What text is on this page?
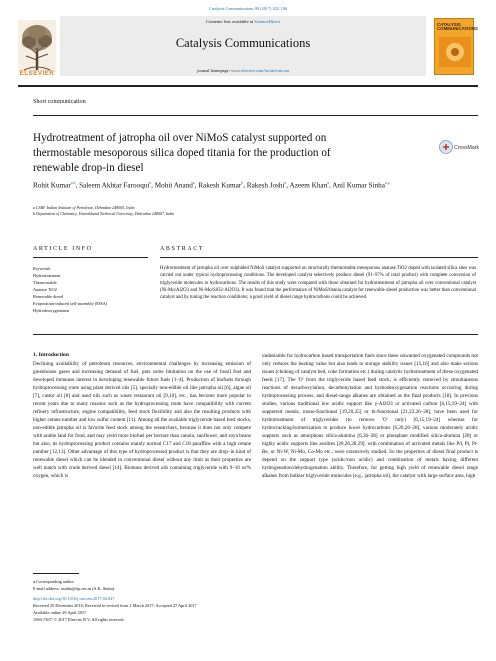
Catalysis Communications 98 (2017) 102–106
Contents lists available at ScienceDirect
Catalysis Communications
journal homepage: www.elsevier.com/locate/catcom
ELSEVIER
CATALYSIS COMMUNICATIONS
Short communication
Hydrotreatment of jatropha oil over NiMoS catalyst supported on thermostable mesoporous silica doped titania for the production of renewable drop-in diesel
CrossMark
Rohit Kumar$^{a,b}$, Saleem Akhtar Farooqui$^a$, Mohit Anand$^a$, Rakesh Kumar$^b$, Rakesh Joshi$^a$, Azeem Khan$^a$, Anil Kumar Sinha$^{a,⁎}$
a CSIR- Indian Institute of Petroleum, Dehradun 248005, India
b Department of Chemistry, Uttarakhand Technical University, Dehradun 248007, India
ARTICLE INFO	ABSTRACT
Keywords:
Hydrotreatment
Thermostable
Anatase TiO2
Renewable diesel
Evaporation-induced self-assembly (EISA)
Hydrodeoxygenation
Hydrotreatment of jatropha oil over sulphided NiMoS catalyst supported on structurally thermostable mesoporous anatase TiO2 doped with isolated silica sites was carried out under typical hydroprocessing conditions. The developed catalyst selectively produce diesel (91–97% of total product) with complete conversion of triglyceride molecules to hydrocarbons. The results of this study were compared with those obtained for hydrotreatment of jatropha oil over conventional catalyst (Ni-Mo/Al2O3 and Ni-Mo/SiO2-Al2O3). It was found that the performance of NiMoS/titania catalyst for renewable diesel production was better than conventional catalyst and by tuning the reaction conditions; a good yield of diesel range hydrocarbons could be achieved.
1. Introduction
Declining availability of petroleum resources, environmental challenges by increasing emission of greenhouse gases and increasing demand of fuel, puts some limitation on the use of fossil fuel and developed immense interest in developing renewable future fuels [1–4]. Production of biofuels through hydroprocessing route using plant derived oils [5], specially non-edible oil like jatropha oil [6], algae oil [7], castor oil [8] and used oils such as waste restaurant oil [9,10], etc., has become more popular in recent years due to many reasons such as the hydroprocessing route have compatibility with current refinery infrastructure, engine compatibility, feed stock flexibility and also the resulting products with higher cetane number and low sulfur content [11]. Among all the available triglyceride based feed stocks, non-edible jatropha oil is favorite feed stock among the researchers, because it does not only compete with arable land for food, and may yield more biofuel per hectare than canola, sunflower, and soya beans but also, its hydroprocessing product contains mainly normal C17 and C18 paraffins with a high cetane number [12,13]. Other advantage of this type of hydroprocessed product is that they are drop–in kind of renewable diesel which can be blended to conventional diesel without any limit as their properties are well match with crude derived diesel [14]. Biomass derived oils containing triglyceride with 9–10 wt% oxygen, which is
undesirable for hydrocarbon based transportation fuels since these unwanted oxygenated compounds not only reduces the heating value but also leads to storage stability issues [15,16] and also make serious issues (choking of catalyst bed, coke formation etc.) during catalytic hydrotreatment of these oxygenated feeds [17]. The 'O' from the triglyceride based feed stock, is efficiently removed by simultaneous reactions of decarboxylation, decarbonylation and hydrodeoxygenation reactions occurring during hydroprocessing process, and diesel-range alkanes are obtained as the final products [18]. In previous studies, various traditional low acidic support like γ-Al2O3 or activated carbon [6,15,19–24] with supported metals, mono-functional [19,20,25] or bi-functional [21,22,26–28], have been used for hydrotreatment of triglycerides (to remove 'O' only) [6,15,19–24] whereas for hydrocracking/isomerization to produce lower hydrocarbons [6,20,26–28], various moderately acidic supports such as amorphous silica-alumina [6,26–28] or phosphate modified silica-alumina [28] or highly acidic supports like zeolites [20,26,28,29], with combination of activated metals like Pd, Pt, Pt-Re, or Ni-W, Ni-Mo, Co-Mo etc., were extensively studied. So the properties of diesel final product is depend on the support type (acidic/non acidic) and combination of metals having different hydrogenation/dehydrogenation ability. Therefore, for getting high yield of renewable diesel range alkanes from bulkier triglyceride molecules (e.g., jatropha oil), the catalyst with large surface area, high
⁎ Corresponding author.
E-mail address: asinha@iip.res.in (A.K. Sinha).
http://dx.doi.org/10.1016/j.catcom.2017.04.047
Received 20 December 2016; Received in revised form 2 March 2017; Accepted 27 April 2017
Available online 29 April 2017
1566-7367/ © 2017 Elsevier B.V. All rights reserved.
